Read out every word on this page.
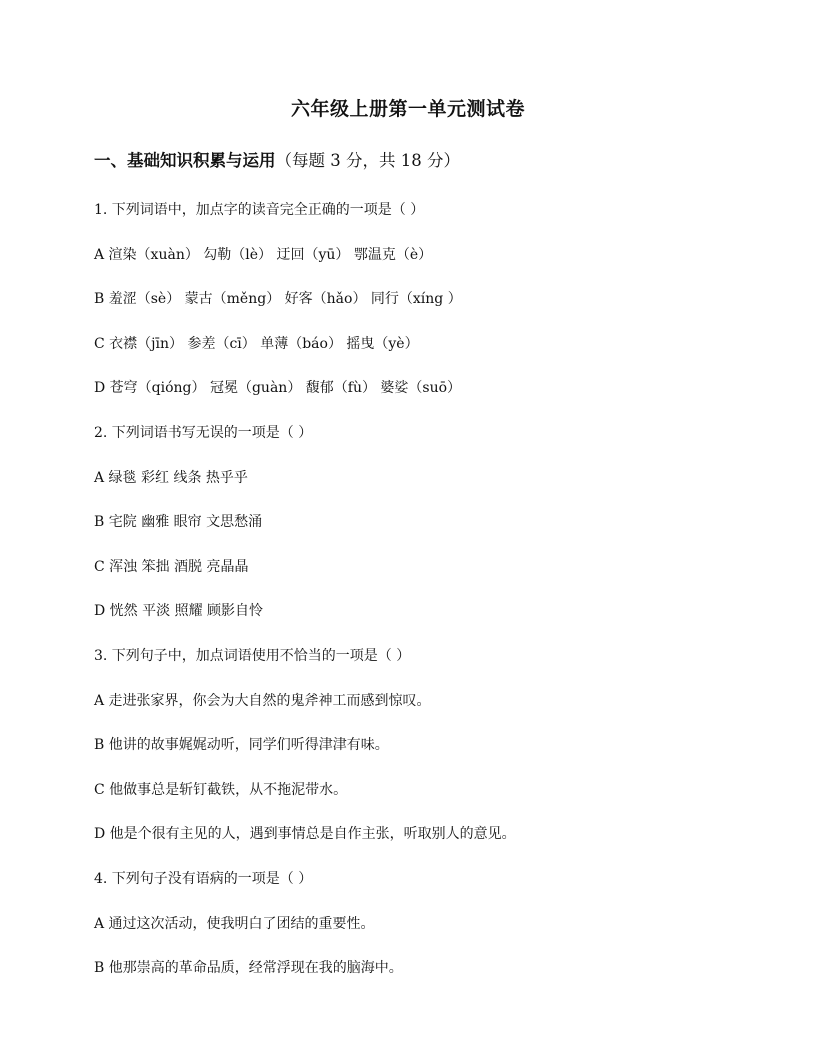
六年级上册第一单元测试卷
一、基础知识积累与运用（每题 3 分，共 18 分）
1. 下列词语中，加点字的读音完全正确的一项是（ ）
A 渲染（xuàn） 勾勒（lè） 迂回（yū） 鄂温克（è）
B 羞涩（sè） 蒙古（měng） 好客（hǎo） 同行（xíng ）
C 衣襟（jīn） 参差（cī） 单薄（báo） 摇曳（yè）
D 苍穹（qióng） 冠冕（guàn） 馥郁（fù） 婆娑（suō）
2. 下列词语书写无误的一项是（ ）
A 绿毯 彩红 线条 热乎乎
B 宅院 幽雅 眼帘 文思愁涌
C 浑浊 笨拙 酒脱 亮晶晶
D 恍然 平淡 照耀 顾影自怜
3. 下列句子中，加点词语使用不恰当的一项是（ ）
A 走进张家界，你会为大自然的鬼斧神工而感到惊叹。
B 他讲的故事娓娓动听，同学们听得津津有味。
C 他做事总是斩钉截铁，从不拖泥带水。
D 他是个很有主见的人，遇到事情总是自作主张，听取别人的意见。
4. 下列句子没有语病的一项是（ ）
A 通过这次活动，使我明白了团结的重要性。
B 他那崇高的革命品质，经常浮现在我的脑海中。
